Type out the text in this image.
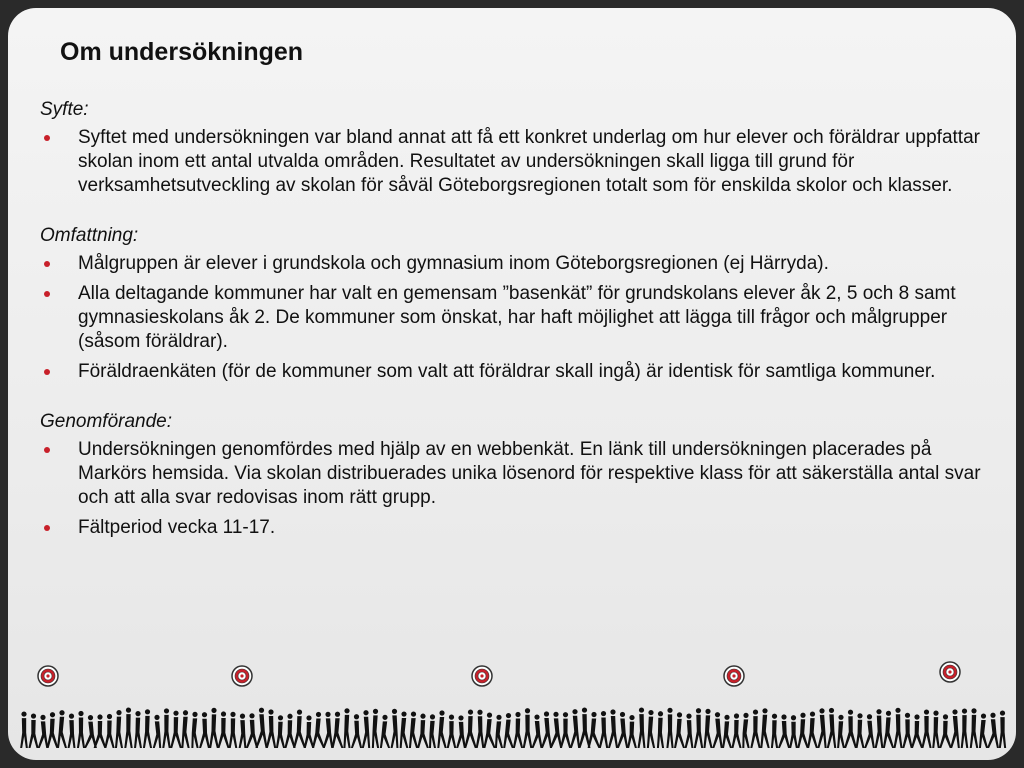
Om undersökningen
Syfte:
Syftet med undersökningen var bland annat att få ett konkret underlag om hur elever och föräldrar uppfattar skolan inom ett antal utvalda områden. Resultatet av undersökningen skall ligga till grund för verksamhetsutveckling av skolan för såväl Göteborgsregionen totalt som för enskilda skolor och klasser.
Omfattning:
Målgruppen är elever i grundskola och gymnasium inom Göteborgsregionen (ej Härryda).
Alla deltagande kommuner har valt en gemensam ”basenkät” för grundskolans elever åk 2, 5 och 8 samt gymnasieskolans åk 2. De kommuner som önskat, har haft möjlighet att lägga till frågor och målgrupper (såsom föräldrar).
Föräldraenkäten (för de kommuner som valt att föräldrar skall ingå) är identisk för samtliga kommuner.
Genomförande:
Undersökningen genomfördes med hjälp av en webbenkät. En länk till undersökningen placerades på Markörs hemsida. Via skolan distribuerades unika lösenord för respektive klass för att säkerställa antal svar och att alla svar redovisas inom rätt grupp.
Fältperiod vecka 11-17.
